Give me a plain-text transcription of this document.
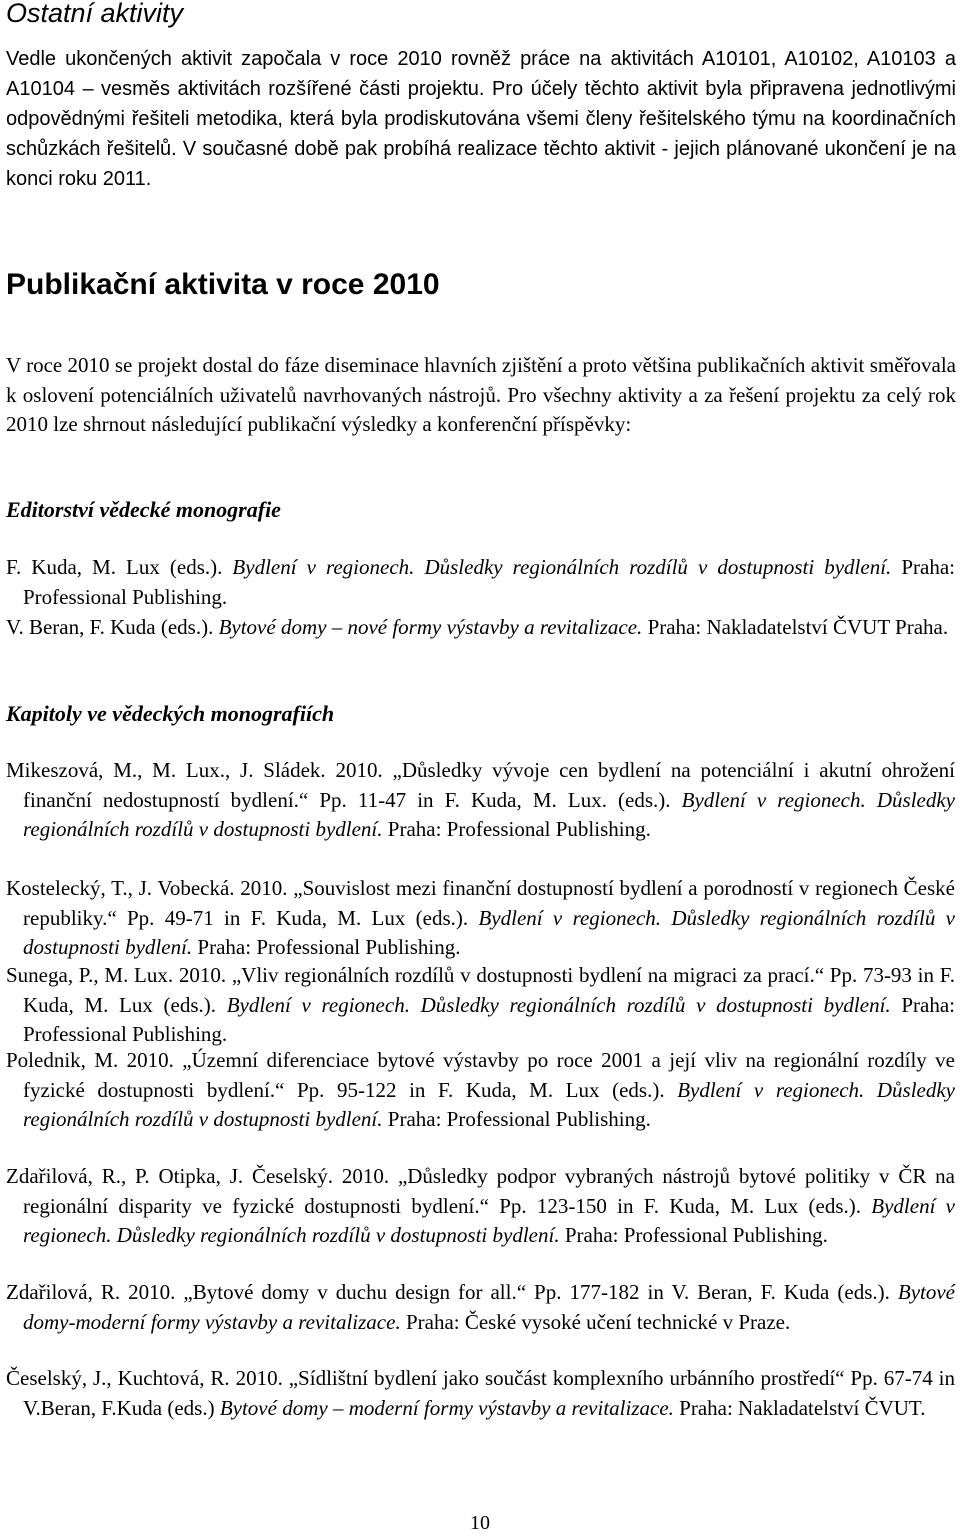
Ostatní aktivity

Vedle ukončených aktivit započala v roce 2010 rovněž práce na aktivitách A10101, A10102, A10103 a A10104 – vesměs aktivitách rozšířené části projektu. Pro účely těchto aktivit byla připravena jednotlivými odpovědnými řešiteli metodika, která byla prodiskutována všemi členy řešitelského týmu na koordinačních schůzkách řešitelů. V současné době pak probíhá realizace těchto aktivit - jejich plánované ukončení je na konci roku 2011.

Publikační aktivita v roce 2010

V roce 2010 se projekt dostal do fáze diseminace hlavních zjištění a proto většina publikačních aktivit směřovala k oslovení potenciálních uživatelů navrhovaných nástrojů. Pro všechny aktivity a za řešení projektu za celý rok 2010 lze shrnout následující publikační výsledky a konferenční příspěvky:

Editorství vědecké monografie

F. Kuda, M. Lux (eds.). Bydlení v regionech. Důsledky regionálních rozdílů v dostupnosti bydlení. Praha: Professional Publishing.

V. Beran, F. Kuda (eds.). Bytové domy – nové formy výstavby a revitalizace. Praha: Nakladatelství ČVUT Praha.

Kapitoly ve vědeckých monografiích

Mikeszová, M., M. Lux., J. Sládek. 2010. „Důsledky vývoje cen bydlení na potenciální i akutní ohrožení finanční nedostupností bydlení.“ Pp. 11-47 in F. Kuda, M. Lux. (eds.). Bydlení v regionech. Důsledky regionálních rozdílů v dostupnosti bydlení. Praha: Professional Publishing.

Kostelecký, T., J. Vobecká. 2010. „Souvislost mezi finanční dostupností bydlení a porodností v regionech České republiky.“ Pp. 49-71 in F. Kuda, M. Lux (eds.). Bydlení v regionech. Důsledky regionálních rozdílů v dostupnosti bydlení. Praha: Professional Publishing.

Sunega, P., M. Lux. 2010. „Vliv regionálních rozdílů v dostupnosti bydlení na migraci za prací.“ Pp. 73-93 in F. Kuda, M. Lux (eds.). Bydlení v regionech. Důsledky regionálních rozdílů v dostupnosti bydlení. Praha: Professional Publishing.

Polednik, M. 2010. „Územní diferenciace bytové výstavby po roce 2001 a její vliv na regionální rozdíly ve fyzické dostupnosti bydlení.“ Pp. 95-122 in F. Kuda, M. Lux (eds.). Bydlení v regionech. Důsledky regionálních rozdílů v dostupnosti bydlení. Praha: Professional Publishing.

Zdařilová, R., P. Otipka, J. Česelský. 2010. „Důsledky podpor vybraných nástrojů bytové politiky v ČR na regionální disparity ve fyzické dostupnosti bydlení.“ Pp. 123-150 in F. Kuda, M. Lux (eds.). Bydlení v regionech. Důsledky regionálních rozdílů v dostupnosti bydlení. Praha: Professional Publishing.

Zdařilová, R. 2010. „Bytové domy v duchu design for all.“ Pp. 177-182 in V. Beran, F. Kuda (eds.). Bytové domy-moderní formy výstavby a revitalizace. Praha: České vysoké učení technické v Praze.

Česelský, J., Kuchtová, R. 2010. „Sídlištní bydlení jako součást komplexního urbánního prostředí“ Pp. 67-74 in V.Beran, F.Kuda (eds.) Bytové domy – moderní formy výstavby a revitalizace. Praha: Nakladatelství ČVUT.

10
